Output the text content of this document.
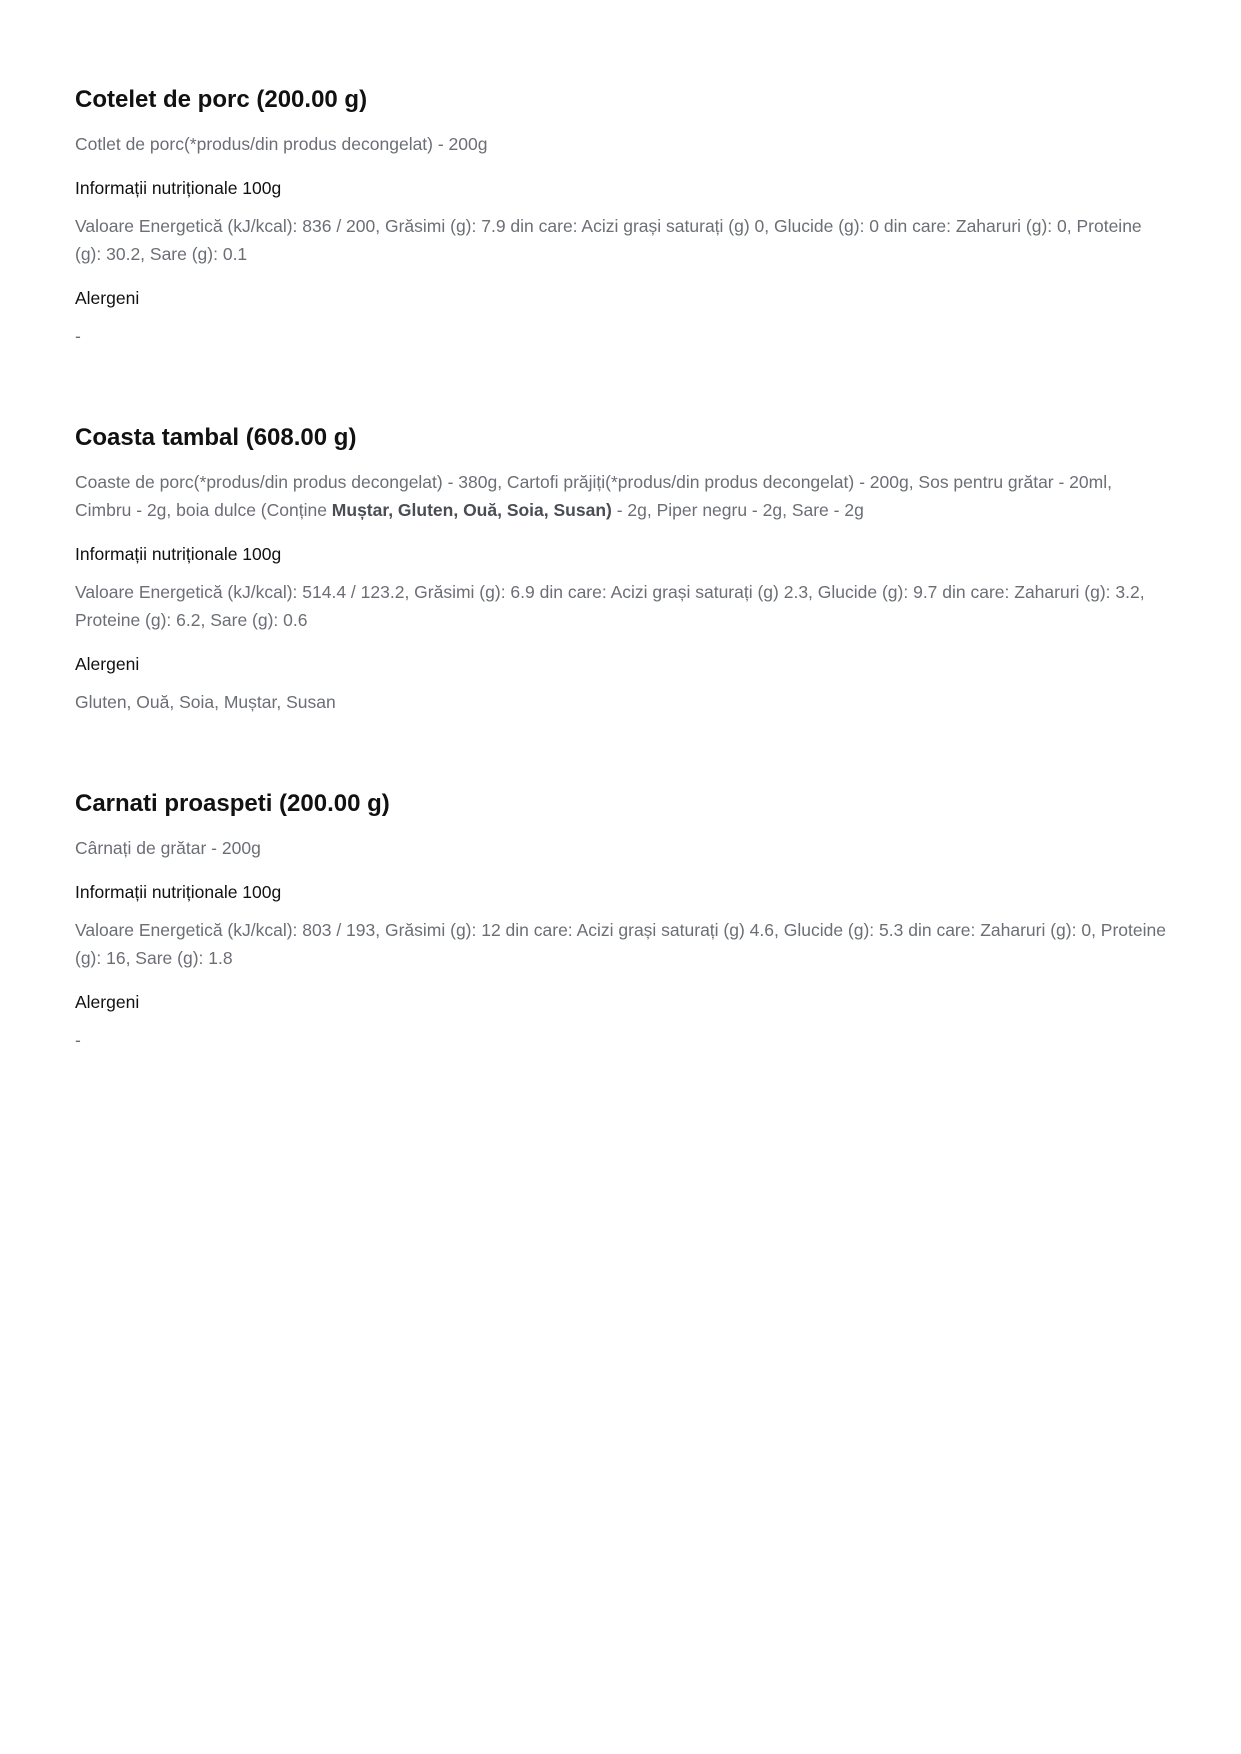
Cotelet de porc (200.00 g)

Cotlet de porc(*produs/din produs decongelat) - 200g

Informații nutriționale 100g

Valoare Energetică (kJ/kcal): 836 / 200, Grăsimi (g): 7.9 din care: Acizi grași saturați (g) 0, Glucide (g): 0 din care: Zaharuri (g): 0, Proteine (g): 30.2, Sare (g): 0.1

Alergeni

-

Coasta tambal (608.00 g)

Coaste de porc(*produs/din produs decongelat) - 380g, Cartofi prăjiți(*produs/din produs decongelat) - 200g, Sos pentru grătar - 20ml, Cimbru - 2g, boia dulce (Conține Muștar, Gluten, Ouă, Soia, Susan) - 2g, Piper negru - 2g, Sare - 2g

Informații nutriționale 100g

Valoare Energetică (kJ/kcal): 514.4 / 123.2, Grăsimi (g): 6.9 din care: Acizi grași saturați (g) 2.3, Glucide (g): 9.7 din care: Zaharuri (g): 3.2, Proteine (g): 6.2, Sare (g): 0.6

Alergeni

Gluten, Ouă, Soia, Muștar, Susan

Carnati proaspeti (200.00 g)

Cârnați de grătar - 200g

Informații nutriționale 100g

Valoare Energetică (kJ/kcal): 803 / 193, Grăsimi (g): 12 din care: Acizi grași saturați (g) 4.6, Glucide (g): 5.3 din care: Zaharuri (g): 0, Proteine (g): 16, Sare (g): 1.8

Alergeni

-
